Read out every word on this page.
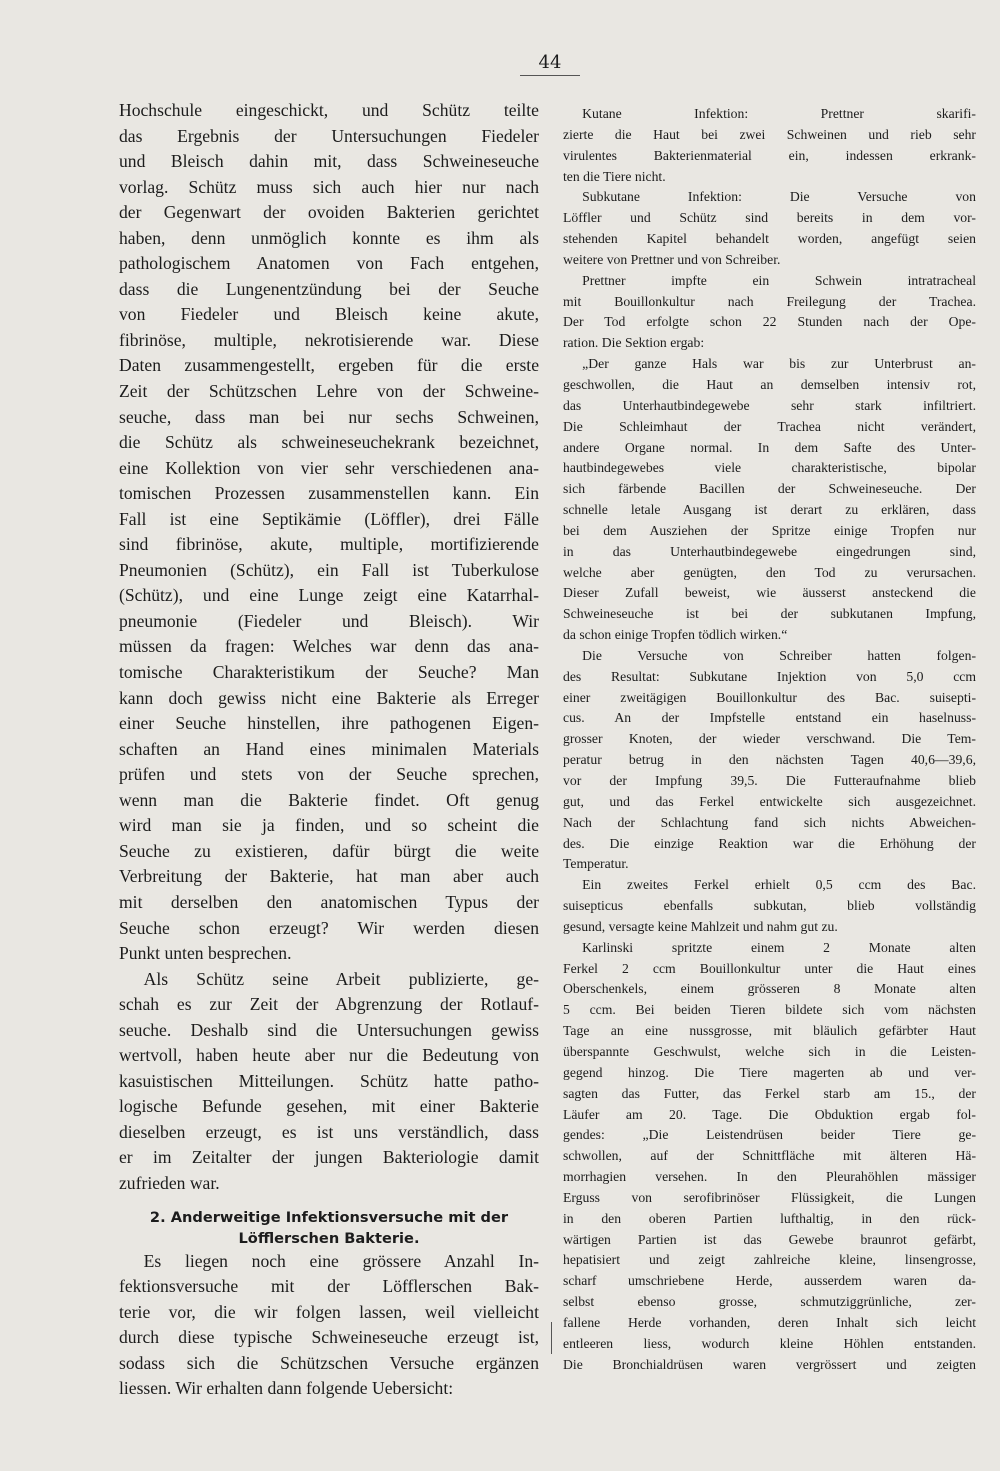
44
Hochschule eingeschickt, und Schütz teilte
das Ergebnis der Untersuchungen Fiedeler
und Bleisch dahin mit, dass Schweineseuche
vorlag. Schütz muss sich auch hier nur nach
der Gegenwart der ovoiden Bakterien gerichtet
haben, denn unmöglich konnte es ihm als
pathologischem Anatomen von Fach entgehen,
dass die Lungenentzündung bei der Seuche
von Fiedeler und Bleisch keine akute,
fibrinöse, multiple, nekrotisierende war. Diese
Daten zusammengestellt, ergeben für die erste
Zeit der Schützschen Lehre von der Schweine-
seuche, dass man bei nur sechs Schweinen,
die Schütz als schweineseuchekrank bezeichnet,
eine Kollektion von vier sehr verschiedenen ana-
tomischen Prozessen zusammenstellen kann. Ein
Fall ist eine Septikämie (Löffler), drei Fälle
sind fibrinöse, akute, multiple, mortifizierende
Pneumonien (Schütz), ein Fall ist Tuberkulose
(Schütz), und eine Lunge zeigt eine Katarrhal-
pneumonie (Fiedeler und Bleisch). Wir
müssen da fragen: Welches war denn das ana-
tomische Charakteristikum der Seuche? Man
kann doch gewiss nicht eine Bakterie als Erreger
einer Seuche hinstellen, ihre pathogenen Eigen-
schaften an Hand eines minimalen Materials
prüfen und stets von der Seuche sprechen,
wenn man die Bakterie findet. Oft genug
wird man sie ja finden, und so scheint die
Seuche zu existieren, dafür bürgt die weite
Verbreitung der Bakterie, hat man aber auch
mit derselben den anatomischen Typus der
Seuche schon erzeugt? Wir werden diesen
Punkt unten besprechen.
Als Schütz seine Arbeit publizierte, ge-
schah es zur Zeit der Abgrenzung der Rotlauf-
seuche. Deshalb sind die Untersuchungen gewiss
wertvoll, haben heute aber nur die Bedeutung von
kasuistischen Mitteilungen. Schütz hatte patho-
logische Befunde gesehen, mit einer Bakterie
dieselben erzeugt, es ist uns verständlich, dass
er im Zeitalter der jungen Bakteriologie damit
zufrieden war.
2. Anderweitige Infektionsversuche mit der
Löfflerschen Bakterie.
Es liegen noch eine grössere Anzahl In-
fektionsversuche mit der Löfflerschen Bak-
terie vor, die wir folgen lassen, weil vielleicht
durch diese typische Schweineseuche erzeugt ist,
sodass sich die Schützschen Versuche ergänzen
liessen. Wir erhalten dann folgende Uebersicht:
Kutane Infektion: Prettner skarifi-
zierte die Haut bei zwei Schweinen und rieb sehr
virulentes Bakterienmaterial ein, indessen erkrank-
ten die Tiere nicht.
Subkutane Infektion: Die Versuche von
Löffler und Schütz sind bereits in dem vor-
stehenden Kapitel behandelt worden, angefügt seien
weitere von Prettner und von Schreiber.
Prettner impfte ein Schwein intratracheal
mit Bouillonkultur nach Freilegung der Trachea.
Der Tod erfolgte schon 22 Stunden nach der Ope-
ration. Die Sektion ergab:
„Der ganze Hals war bis zur Unterbrust an-
geschwollen, die Haut an demselben intensiv rot,
das Unterhautbindegewebe sehr stark infiltriert.
Die Schleimhaut der Trachea nicht verändert,
andere Organe normal. In dem Safte des Unter-
hautbindegewebes viele charakteristische, bipolar
sich färbende Bacillen der Schweineseuche. Der
schnelle letale Ausgang ist derart zu erklären, dass
bei dem Ausziehen der Spritze einige Tropfen nur
in das Unterhautbindegewebe eingedrungen sind,
welche aber genügten, den Tod zu verursachen.
Dieser Zufall beweist, wie äusserst ansteckend die
Schweineseuche ist bei der subkutanen Impfung,
da schon einige Tropfen tödlich wirken.“
Die Versuche von Schreiber hatten folgen-
des Resultat: Subkutane Injektion von 5,0 ccm
einer zweitägigen Bouillonkultur des Bac. suisepti-
cus. An der Impfstelle entstand ein haselnuss-
grosser Knoten, der wieder verschwand. Die Tem-
peratur betrug in den nächsten Tagen 40,6—39,6,
vor der Impfung 39,5. Die Futteraufnahme blieb
gut, und das Ferkel entwickelte sich ausgezeichnet.
Nach der Schlachtung fand sich nichts Abweichen-
des. Die einzige Reaktion war die Erhöhung der
Temperatur.
Ein zweites Ferkel erhielt 0,5 ccm des Bac.
suisepticus ebenfalls subkutan, blieb vollständig
gesund, versagte keine Mahlzeit und nahm gut zu.
Karlinski spritzte einem 2 Monate alten
Ferkel 2 ccm Bouillonkultur unter die Haut eines
Oberschenkels, einem grösseren 8 Monate alten
5 ccm. Bei beiden Tieren bildete sich vom nächsten
Tage an eine nussgrosse, mit bläulich gefärbter Haut
überspannte Geschwulst, welche sich in die Leisten-
gegend hinzog. Die Tiere magerten ab und ver-
sagten das Futter, das Ferkel starb am 15., der
Läufer am 20. Tage. Die Obduktion ergab fol-
gendes: „Die Leistendrüsen beider Tiere ge-
schwollen, auf der Schnittfläche mit älteren Hä-
morrhagien versehen. In den Pleurahöhlen mässiger
Erguss von serofibrinöser Flüssigkeit, die Lungen
in den oberen Partien lufthaltig, in den rück-
wärtigen Partien ist das Gewebe braunrot gefärbt,
hepatisiert und zeigt zahlreiche kleine, linsengrosse,
scharf umschriebene Herde, ausserdem waren da-
selbst ebenso grosse, schmutziggrünliche, zer-
fallene Herde vorhanden, deren Inhalt sich leicht
entleeren liess, wodurch kleine Höhlen entstanden.
Die Bronchialdrüsen waren vergrössert und zeigten
